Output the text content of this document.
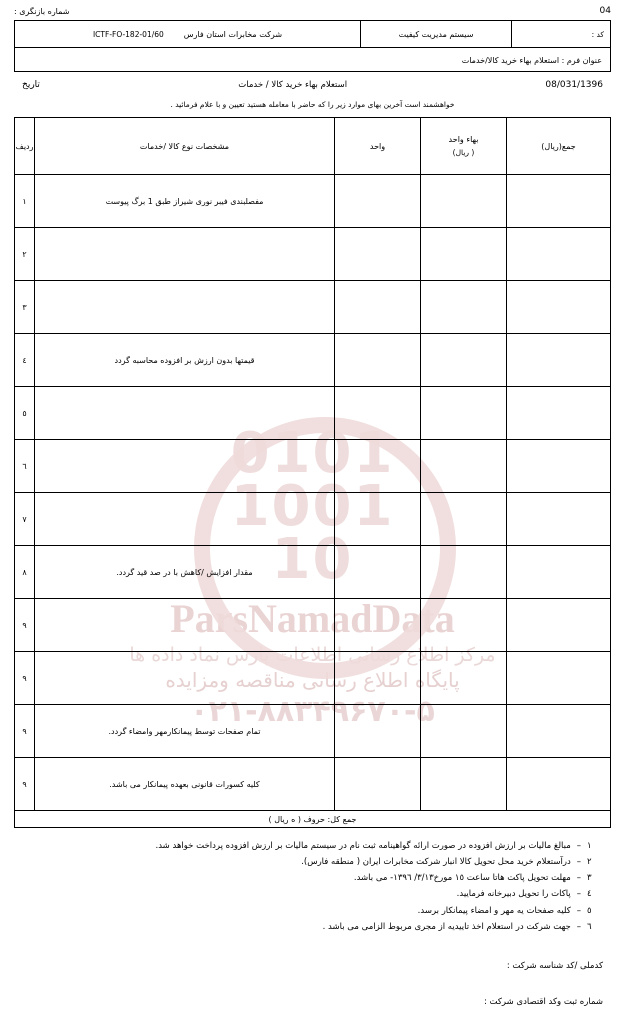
04
شماره بازنگری :
کد :
سیستم مدیریت کیفیت
شرکت مخابرات استان فارس
ICTF-FO-182-01/60
عنوان فرم : استعلام بهاء خرید کالا/خدمات
08/031/1396
استعلام بهاء خرید کالا / خدمات
تاریخ
خواهشمند است آخرین بهای موارد زیر را که حاضر با معامله هستید تعیین و با علام فرمائید .
0101
1001
10
ParsNamadData
مرکز اطلاع رسانی اطلاعات پارس نماد داده ها
پایگاه اطلاع رسانی مناقصه ومزایده
۰۲۱-۸۸۳۴۹۶۷۰-۵
جمع(ریال)	بهاء واحد
( ریال)	واحد	مشخصات نوع کالا /خدمات	ردیف
			مفصلبندی فیبر نوری شیراز طبق 1 برگ پیوست	١
				٢
				٣
			قیمتها بدون ارزش بر افزوده محاسبه گردد	٤
				٥
				٦
				٧
			مقدار افزایش /کاهش با در صد قید گردد.	٨
				٩
				٩
			تمام صفحات توسط پیمانکارمهر وامضاء گردد.	٩
			کلیه کسورات قانونی بعهده پیمانکار می باشد.	٩
جمع کل: حروف ( ه ریال )				
١
–
مبالغ مالیات بر ارزش افزوده در صورت ارائه گواهینامه ثبت نام در سیستم مالیات بر ارزش افزوده پرداخت خواهد شد.
٢
–
درآستعلام خرید محل تحویل کالا انبار شرکت مخابرات ایران ( منطقه فارس).
٣
–
مهلت تحویل پاکت هاتا ساعت ١٥ مورخ٣/١٣/ ١٣٩٦- می باشد.
٤
–
پاکات را تحویل دبیرخانه فرمایید.
٥
–
کلیه صفحات یه مهر و امضاء پیمانکار برسد.
٦
–
جهت شرکت در استعلام اخذ تاییدیه از مجری مربوط الزامی می باشد .
کدملی /کد شناسه شرکت :
شماره ثبت وکد اقتصادی شرکت :
